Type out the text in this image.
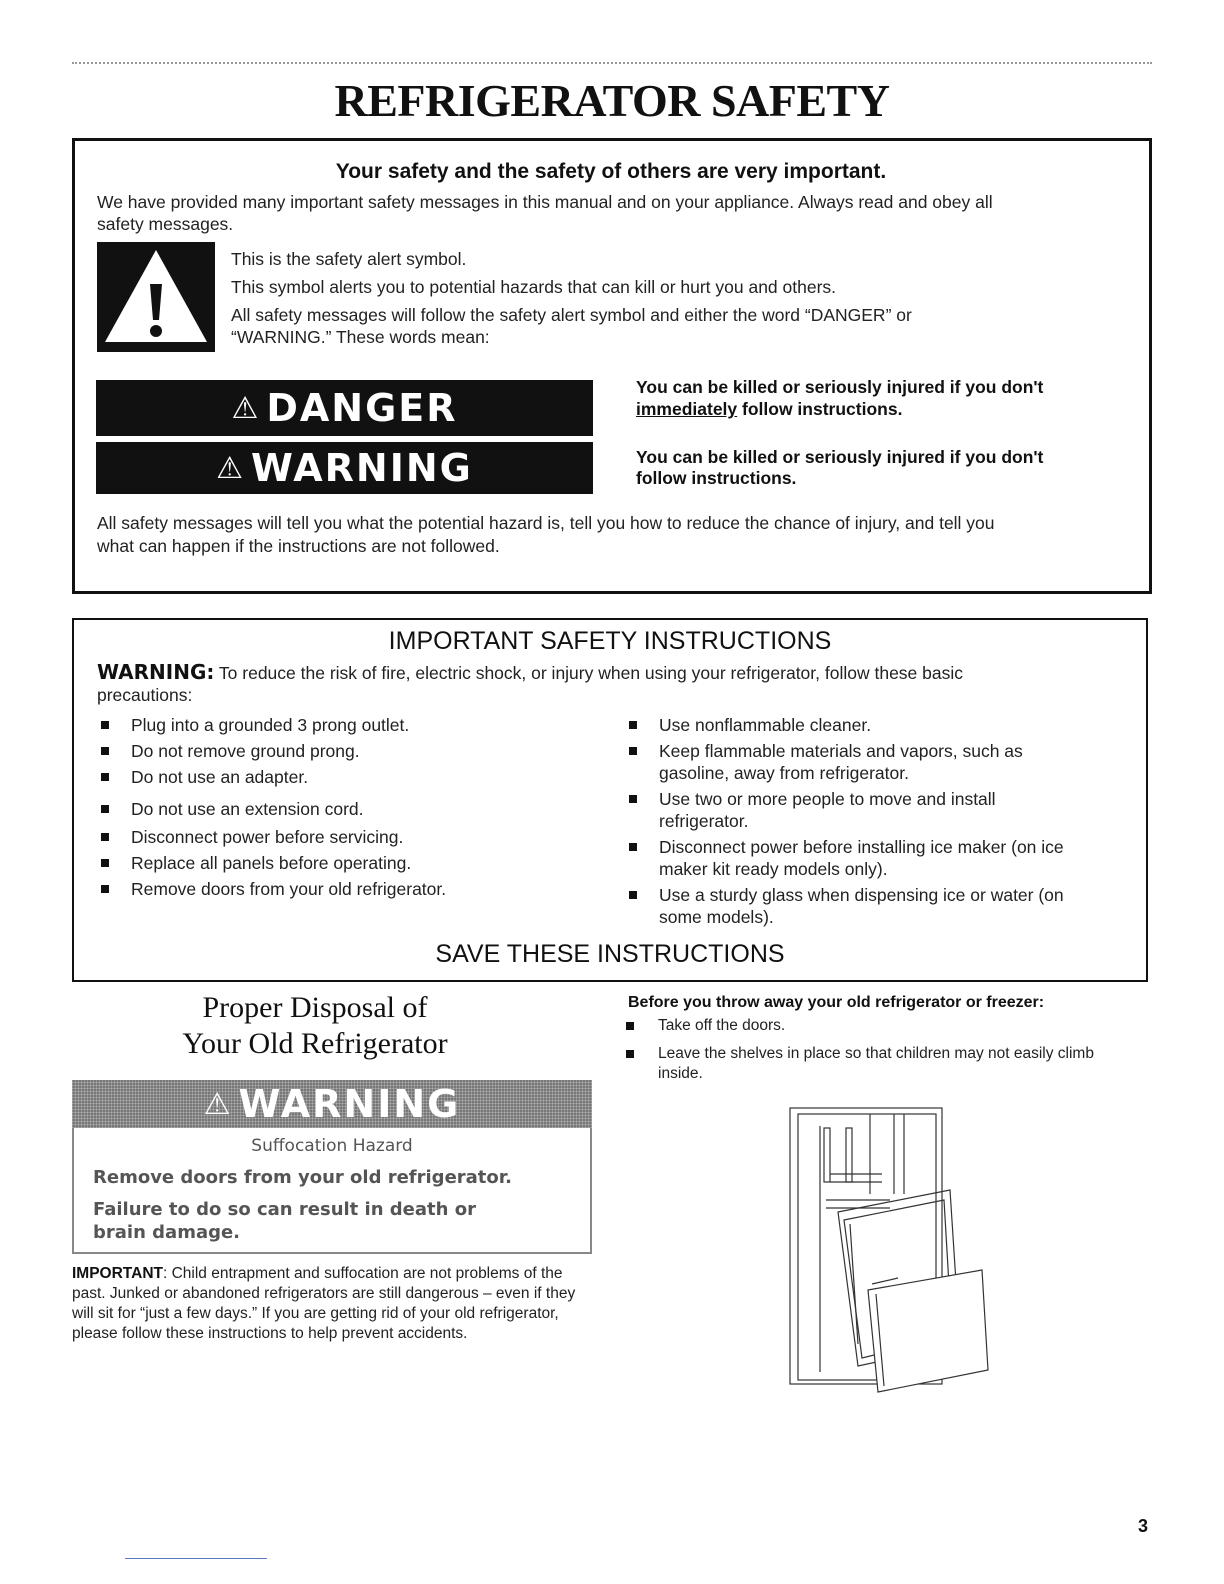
REFRIGERATOR SAFETY
Your safety and the safety of others are very important.
We have provided many important safety messages in this manual and on your appliance. Always read and obey all
safety messages.
This is the safety alert symbol.
This symbol alerts you to potential hazards that can kill or hurt you and others.
All safety messages will follow the safety alert symbol and either the word “DANGER” or
“WARNING.” These words mean:
⚠ DANGER	You can be killed or seriously injured if you don't
immediately follow instructions.
⚠ WARNING	You can be killed or seriously injured if you don't
follow instructions.
All safety messages will tell you what the potential hazard is, tell you how to reduce the chance of injury, and tell you
what can happen if the instructions are not followed.
IMPORTANT SAFETY INSTRUCTIONS
WARNING: To reduce the risk of fire, electric shock, or injury when using your refrigerator, follow these basic
precautions:
Plug into a grounded 3 prong outlet.
Do not remove ground prong.
Do not use an adapter.
Do not use an extension cord.
Disconnect power before servicing.
Replace all panels before operating.
Remove doors from your old refrigerator.
Use nonflammable cleaner.
Keep flammable materials and vapors, such as gasoline, away from refrigerator.
Use two or more people to move and install refrigerator.
Disconnect power before installing ice maker (on ice maker kit ready models only).
Use a sturdy glass when dispensing ice or water (on some models).
SAVE THESE INSTRUCTIONS
Proper Disposal of
Your Old Refrigerator
⚠ WARNING
Suffocation Hazard
Remove doors from your old refrigerator.
Failure to do so can result in death or
brain damage.
IMPORTANT: Child entrapment and suffocation are not problems of the past. Junked or abandoned refrigerators are still dangerous – even if they will sit for “just a few days.” If you are getting rid of your old refrigerator, please follow these instructions to help prevent accidents.
Before you throw away your old refrigerator or freezer:
Take off the doors.
Leave the shelves in place so that children may not easily climb inside.
3
